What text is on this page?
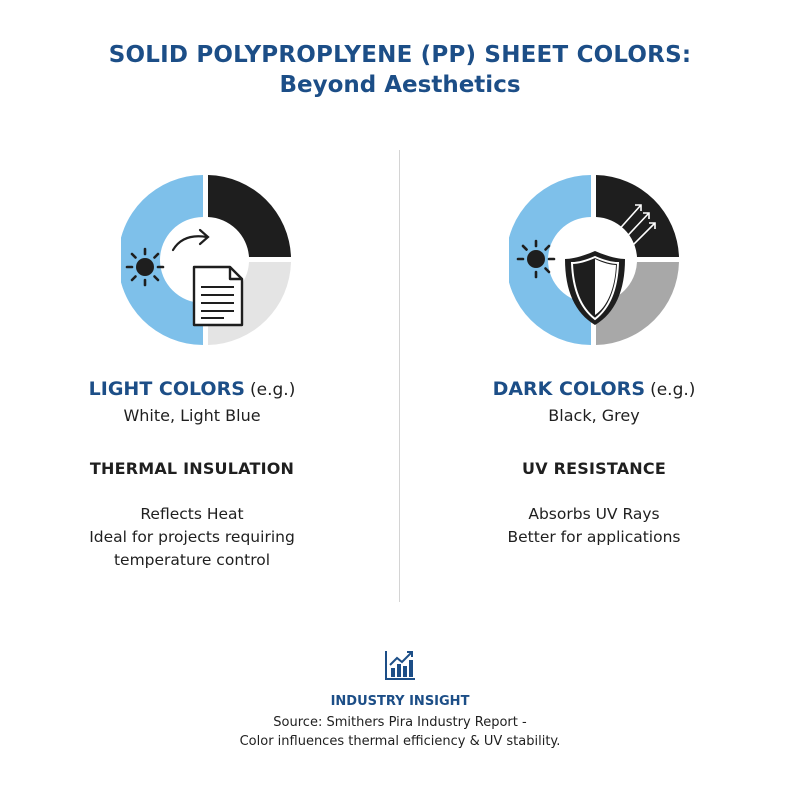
SOLID POLYPROPLYENE (PP) SHEET COLORS:
Beyond Aesthetics
LIGHT COLORS (e.g.)
White, Light Blue
THERMAL INSULATION
Reflects Heat
Ideal for projects requiring
temperature control
DARK COLORS (e.g.)
Black, Grey
UV RESISTANCE
Absorbs UV Rays
Better for applications
INDUSTRY INSIGHT
Source: Smithers Pira Industry Report -
Color influences thermal efficiency & UV stability.
